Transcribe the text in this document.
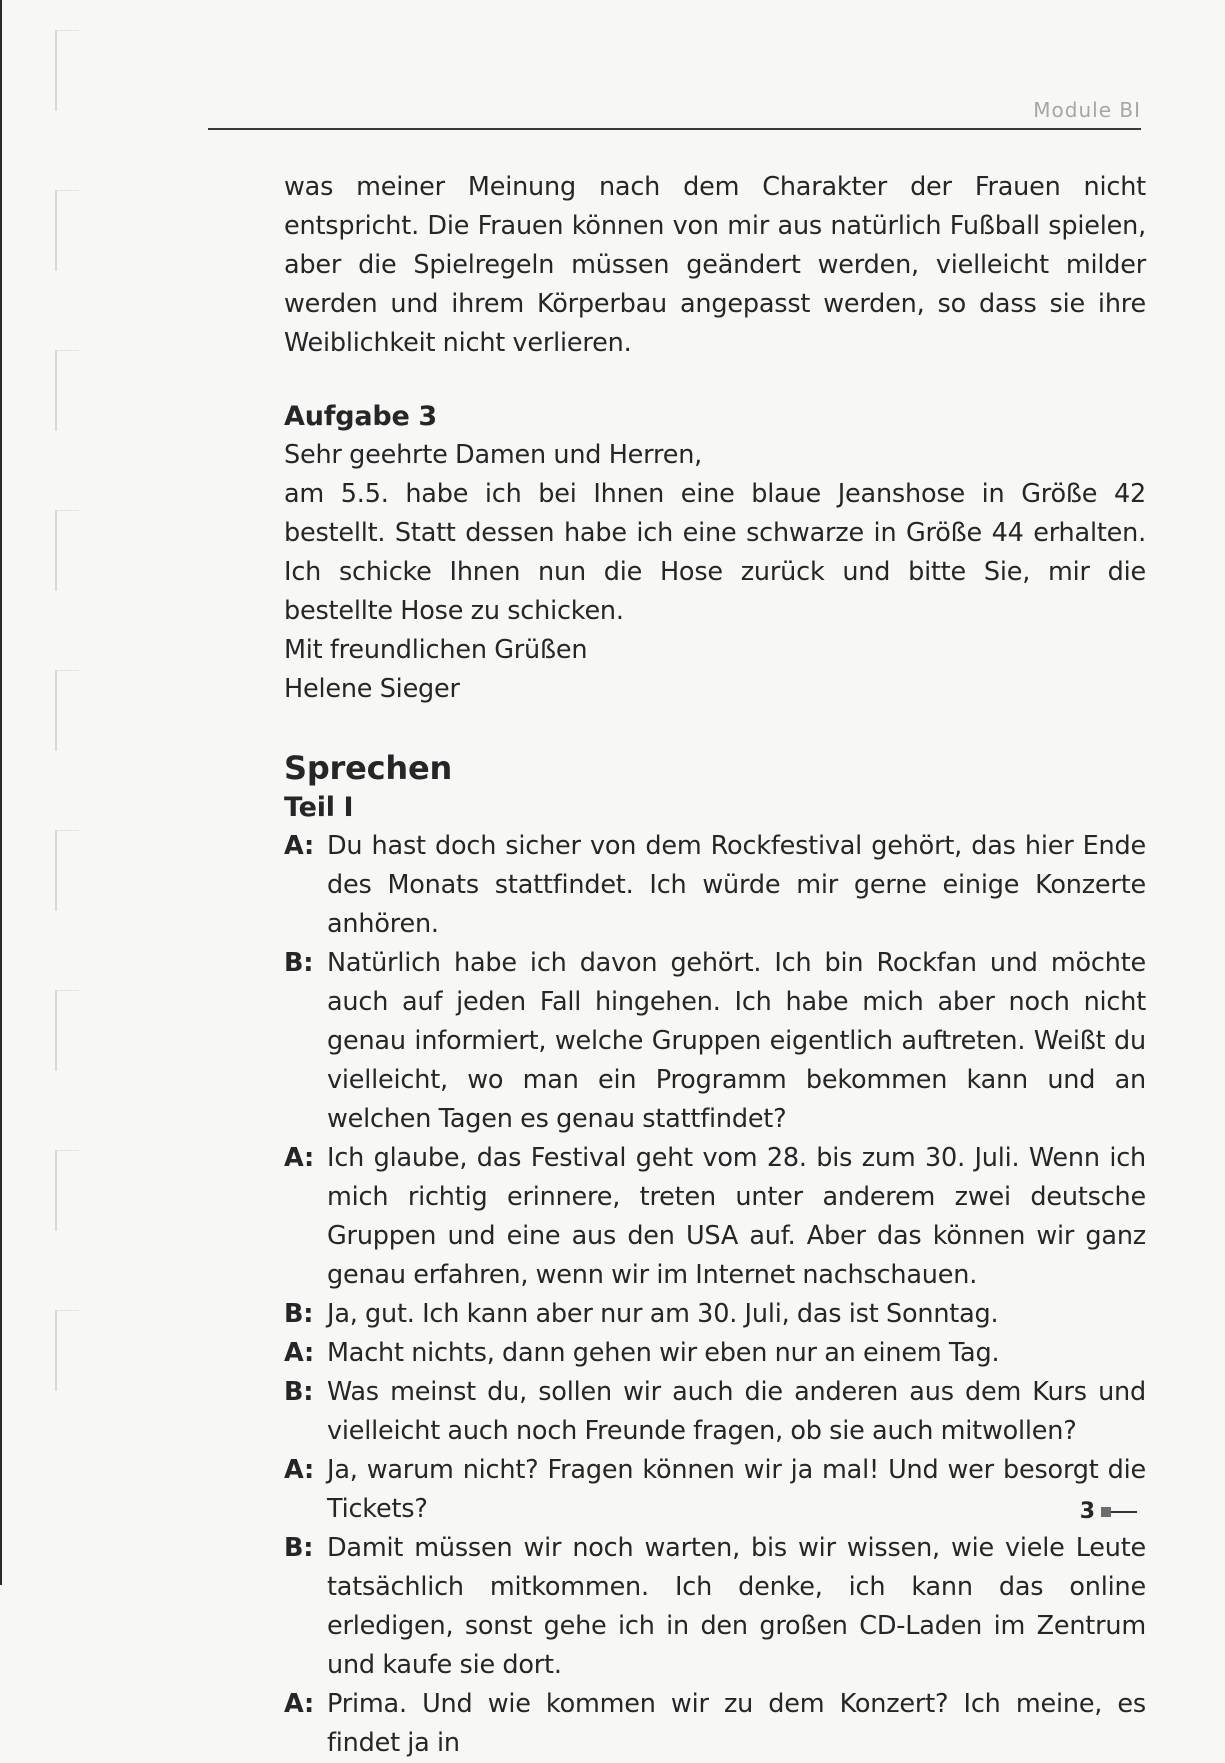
Module BI

was meiner Meinung nach dem Charakter der Frauen nicht entspricht. Die Frauen können von mir aus natürlich Fußball spielen, aber die Spielregeln müssen geändert werden, vielleicht milder werden und ihrem Körperbau angepasst werden, so dass sie ihre Weiblichkeit nicht verlieren.

Aufgabe 3

Sehr geehrte Damen und Herren,

am 5.5. habe ich bei Ihnen eine blaue Jeanshose in Größe 42 bestellt. Statt dessen habe ich eine schwarze in Größe 44 erhalten. Ich schicke Ihnen nun die Hose zurück und bitte Sie, mir die bestellte Hose zu schicken.

Mit freundlichen Grüßen

Helene Sieger

Sprechen
Teil I
A: Du hast doch sicher von dem Rockfestival gehört, das hier Ende des Monats stattfindet. Ich würde mir gerne einige Konzerte anhören.
B: Natürlich habe ich davon gehört. Ich bin Rockfan und möchte auch auf jeden Fall hingehen. Ich habe mich aber noch nicht genau informiert, welche Gruppen eigentlich auftreten. Weißt du vielleicht, wo man ein Programm bekommen kann und an welchen Tagen es genau stattfindet?
A: Ich glaube, das Festival geht vom 28. bis zum 30. Juli. Wenn ich mich richtig erinnere, treten unter anderem zwei deutsche Gruppen und eine aus den USA auf. Aber das können wir ganz genau erfahren, wenn wir im Internet nachschauen.
B: Ja, gut. Ich kann aber nur am 30. Juli, das ist Sonntag.
A: Macht nichts, dann gehen wir eben nur an einem Tag.
B: Was meinst du, sollen wir auch die anderen aus dem Kurs und vielleicht auch noch Freunde fragen, ob sie auch mitwollen?
A: Ja, warum nicht? Fragen können wir ja mal! Und wer besorgt die Tickets?
B: Damit müssen wir noch warten, bis wir wissen, wie viele Leute tatsächlich mitkommen. Ich denke, ich kann das online erledigen, sonst gehe ich in den großen CD-Laden im Zentrum und kaufe sie dort.
A: Prima. Und wie kommen wir zu dem Konzert? Ich meine, es findet ja in
3
